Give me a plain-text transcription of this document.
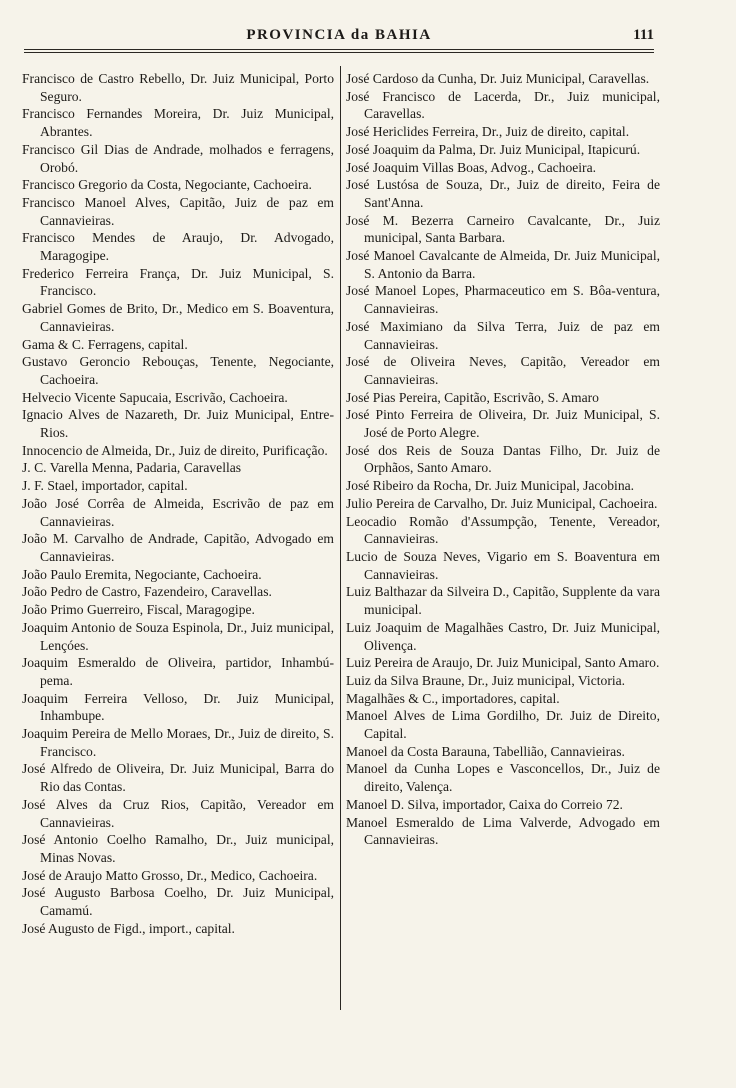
PROVINCIA da BAHIA	111
Francisco de Castro Rebello, Dr. Juiz Municipal, Porto Seguro.
Francisco Fernandes Moreira, Dr. Juiz Municipal, Abrantes.
Francisco Gil Dias de Andrade, molhados e ferragens, Orobó.
Francisco Gregorio da Costa, Negociante, Cachoeira.
Francisco Manoel Alves, Capitão, Juiz de paz em Cannavieiras.
Francisco Mendes de Araujo, Dr. Advogado, Maragogipe.
Frederico Ferreira França, Dr. Juiz Municipal, S. Francisco.
Gabriel Gomes de Brito, Dr., Medico em S. Boaventura, Cannavieiras.
Gama & C. Ferragens, capital.
Gustavo Geroncio Rebouças, Tenente, Negociante, Cachoeira.
Helvecio Vicente Sapucaia, Escrivão, Cachoeira.
Ignacio Alves de Nazareth, Dr. Juiz Municipal, Entre-Rios.
Innocencio de Almeida, Dr., Juiz de direito, Purificação.
J. C. Varella Menna, Padaria, Caravellas
J. F. Stael, importador, capital.
João José Corrêa de Almeida, Escrivão de paz em Cannavieiras.
João M. Carvalho de Andrade, Capitão, Advogado em Cannavieiras.
João Paulo Eremita, Negociante, Cachoeira.
João Pedro de Castro, Fazendeiro, Caravellas.
João Primo Guerreiro, Fiscal, Maragogipe.
Joaquim Antonio de Souza Espinola, Dr., Juiz municipal, Lençóes.
Joaquim Esmeraldo de Oliveira, partidor, Inhambú-pema.
Joaquim Ferreira Velloso, Dr. Juiz Municipal, Inhambupe.
Joaquim Pereira de Mello Moraes, Dr., Juiz de direito, S. Francisco.
José Alfredo de Oliveira, Dr. Juiz Municipal, Barra do Rio das Contas.
José Alves da Cruz Rios, Capitão, Vereador em Cannavieiras.
José Antonio Coelho Ramalho, Dr., Juiz municipal, Minas Novas.
José de Araujo Matto Grosso, Dr., Medico, Cachoeira.
José Augusto Barbosa Coelho, Dr. Juiz Municipal, Camamú.
José Augusto de Figd., import., capital.
José Cardoso da Cunha, Dr. Juiz Municipal, Caravellas.
José Francisco de Lacerda, Dr., Juiz municipal, Caravellas.
José Hericlides Ferreira, Dr., Juiz de direito, capital.
José Joaquim da Palma, Dr. Juiz Municipal, Itapicurú.
José Joaquim Villas Boas, Advog., Cachoeira.
José Lustósa de Souza, Dr., Juiz de direito, Feira de Sant'Anna.
José M. Bezerra Carneiro Cavalcante, Dr., Juiz municipal, Santa Barbara.
José Manoel Cavalcante de Almeida, Dr. Juiz Municipal, S. Antonio da Barra.
José Manoel Lopes, Pharmaceutico em S. Bôa-ventura, Cannavieiras.
José Maximiano da Silva Terra, Juiz de paz em Cannavieiras.
José de Oliveira Neves, Capitão, Vereador em Cannavieiras.
José Pias Pereira, Capitão, Escrivão, S. Amaro
José Pinto Ferreira de Oliveira, Dr. Juiz Municipal, S. José de Porto Alegre.
José dos Reis de Souza Dantas Filho, Dr. Juiz de Orphãos, Santo Amaro.
José Ribeiro da Rocha, Dr. Juiz Municipal, Jacobina.
Julio Pereira de Carvalho, Dr. Juiz Municipal, Cachoeira.
Leocadio Romão d'Assumpção, Tenente, Vereador, Cannavieiras.
Lucio de Souza Neves, Vigario em S. Boaventura em Cannavieiras.
Luiz Balthazar da Silveira D., Capitão, Supplente da vara municipal.
Luiz Joaquim de Magalhães Castro, Dr. Juiz Municipal, Olivença.
Luiz Pereira de Araujo, Dr. Juiz Municipal, Santo Amaro.
Luiz da Silva Braune, Dr., Juiz municipal, Victoria.
Magalhães & C., importadores, capital.
Manoel Alves de Lima Gordilho, Dr. Juiz de Direito, Capital.
Manoel da Costa Barauna, Tabellião, Cannavieiras.
Manoel da Cunha Lopes e Vasconcellos, Dr., Juiz de direito, Valença.
Manoel D. Silva, importador, Caixa do Correio 72.
Manoel Esmeraldo de Lima Valverde, Advogado em Cannavieiras.
